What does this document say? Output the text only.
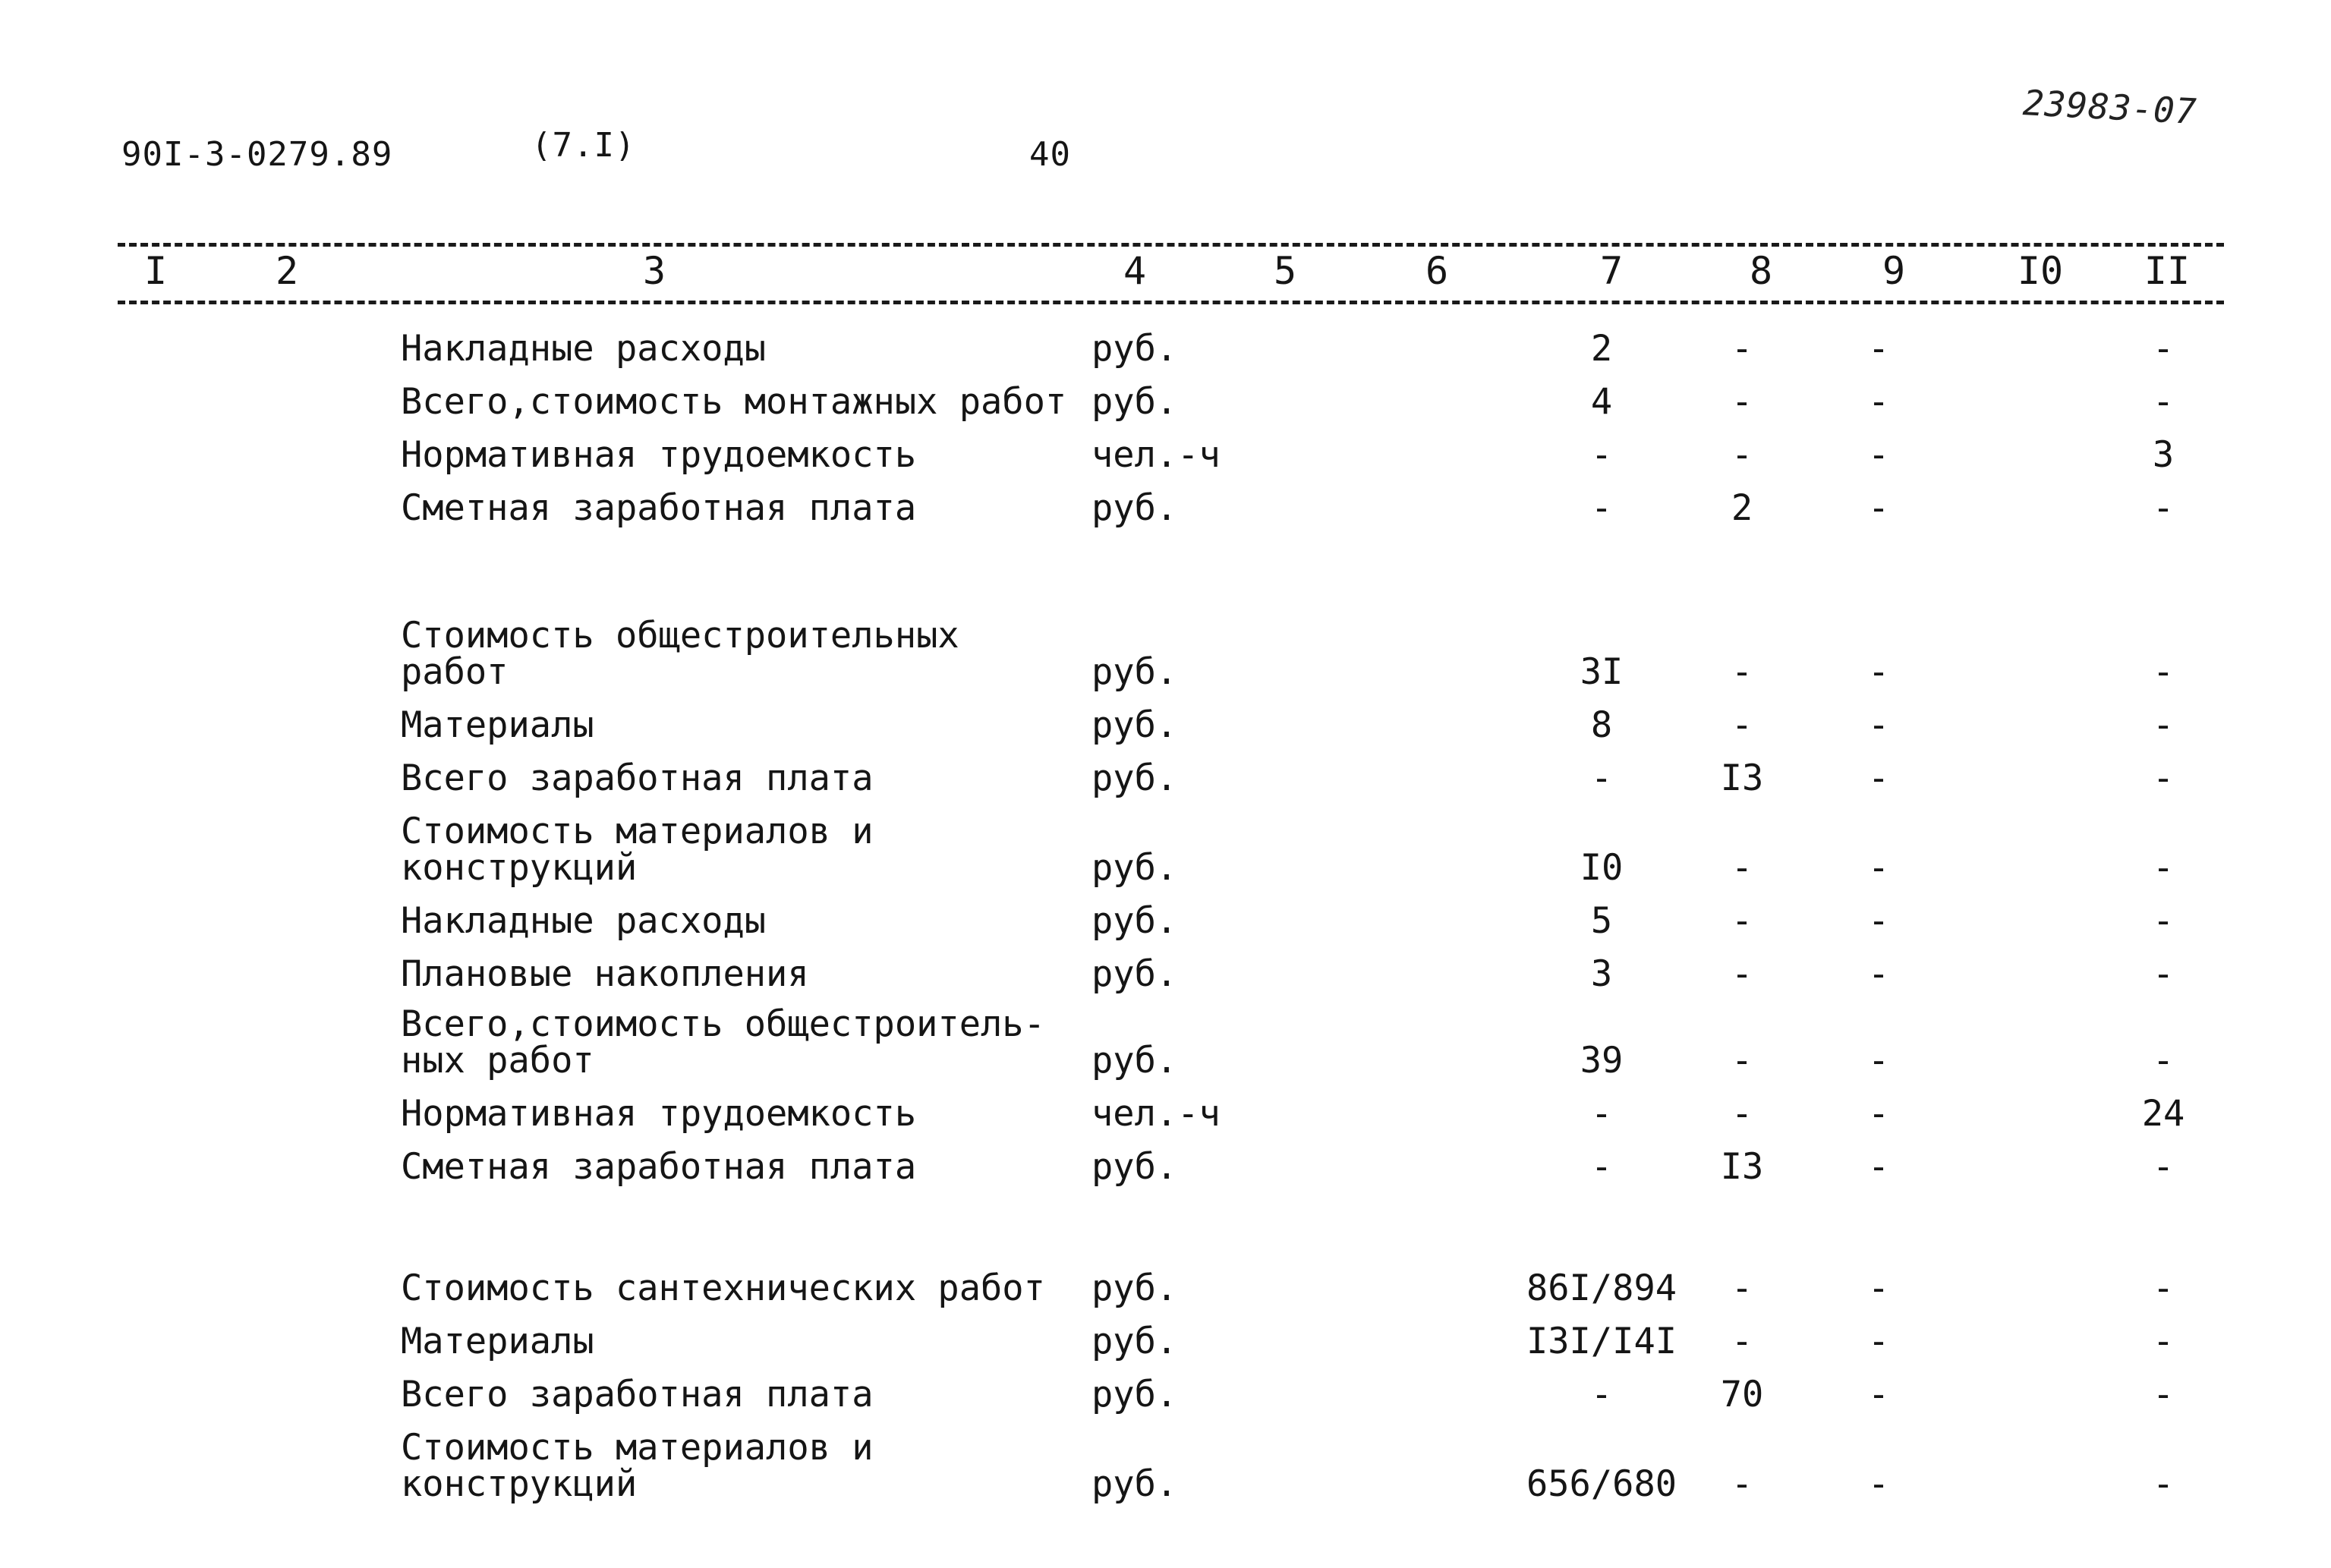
90I-3-0279.89	(7.I)	40
23983-07
I	2	3	4	5	6	7	8	9	I0 II
Накладные расходы	руб.	2	-	-	-
Всего,стоимость монтажных работ руб.	4	-	-	-
Нормативная трудоемкость	чел.-ч	-	-	-	3
Сметная заработная плата	руб.	-	2	-	-
Стоимость общестроительных
работ	руб.	3I	-	-	-
Материалы	руб.	8	-	-	-
Всего заработная плата	руб.	-	I3	-	-
Стоимость материалов и
конструкций	руб.	I0	-	-	-
Накладные расходы	руб.	5	-	-	-
Плановые накопления	руб.	3	-	-	-
Всего,стоимость общестроитель-
ных работ	руб.	39	-	-	-
Нормативная трудоемкость	чел.-ч	-	-	-	24
Сметная заработная плата	руб.	-	I3	-	-
Стоимость сантехнических работ руб.	86I/894 -	-	-
Материалы	руб.	I3I/I4I -	-	-
Всего заработная плата	руб.	-	70	-	-
Стоимость материалов и
конструкций	руб.	656/680 -	-	-
